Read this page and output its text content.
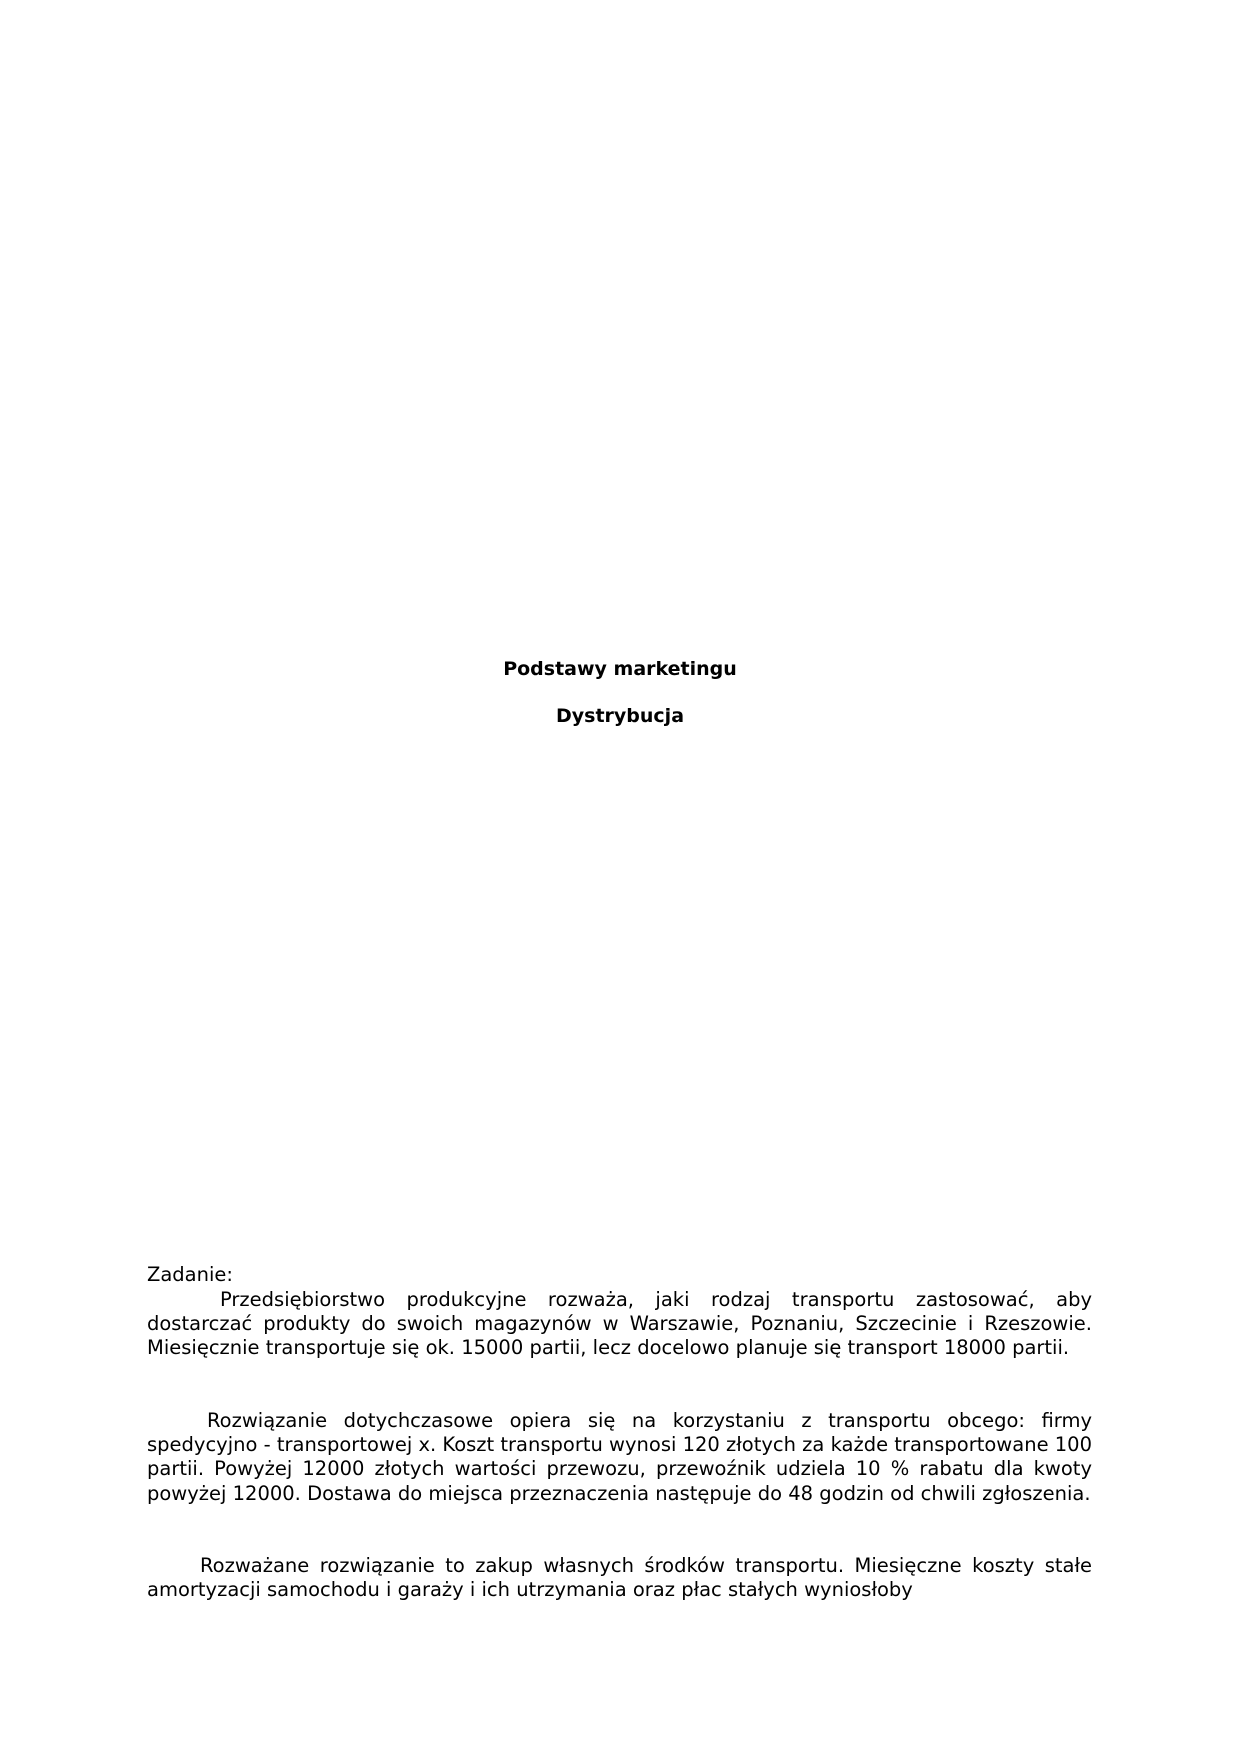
Podstawy marketingu
Dystrybucja
Zadanie:
Przedsiębiorstwo produkcyjne rozważa, jaki rodzaj transportu zastosować, aby dostarczać produkty do swoich magazynów w Warszawie, Poznaniu, Szczecinie i Rzeszowie. Miesięcznie transportuje się ok. 15000 partii, lecz docelowo planuje się transport 18000 partii.
Rozwiązanie dotychczasowe opiera się na korzystaniu z transportu obcego: firmy spedycyjno - transportowej x. Koszt transportu wynosi 120 złotych za każde transportowane 100 partii. Powyżej 12000 złotych wartości przewozu, przewoźnik udziela 10 % rabatu dla kwoty powyżej 12000. Dostawa do miejsca przeznaczenia następuje do 48 godzin od chwili zgłoszenia.
Rozważane rozwiązanie to zakup własnych środków transportu. Miesięczne koszty stałe amortyzacji samochodu i garaży i ich utrzymania oraz płac stałych wyniosłoby
